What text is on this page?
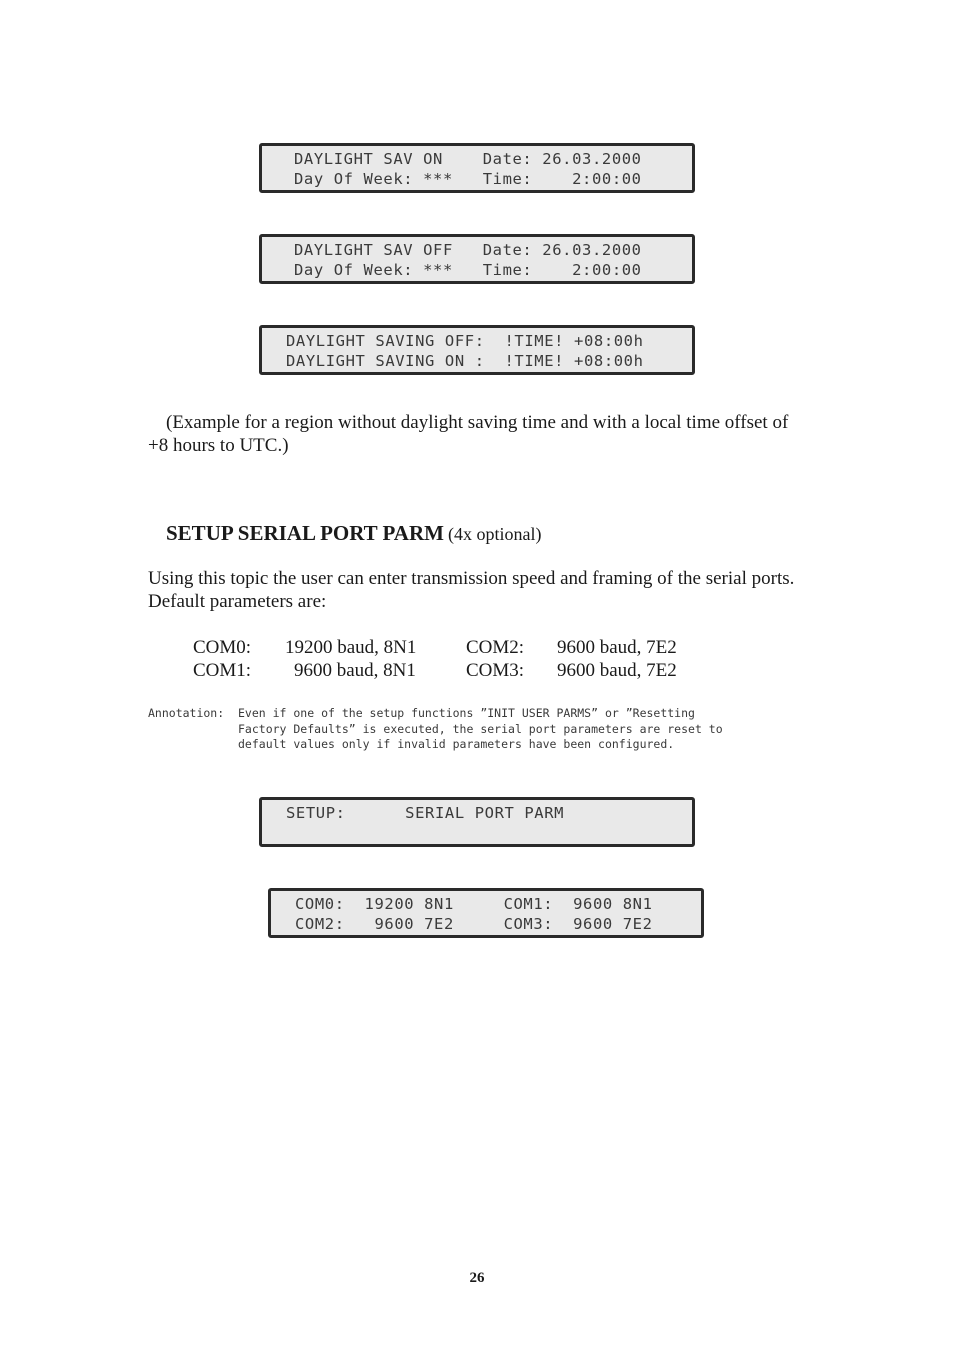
DAYLIGHT SAV ON    Date: 26.03.2000
Day Of Week: ***   Time:    2:00:00
DAYLIGHT SAV OFF   Date: 26.03.2000
Day Of Week: ***   Time:    2:00:00
DAYLIGHT SAVING OFF:  !TIME! +08:00h
DAYLIGHT SAVING ON :  !TIME! +08:00h
(Example for a region without daylight saving time and with a local time offset of
+8 hours to UTC.)
SETUP SERIAL PORT PARM (4x optional)
Using this topic the user can enter transmission speed and framing of the serial ports.
Default parameters are:
COM0: 19200 baud, 8N1
COM1: 9600 baud, 8N1
COM2: 9600 baud, 7E2
COM3: 9600 baud, 7E2
Annotation: Even if one of the setup functions ”INIT USER PARMS” or ”Resetting
Factory Defaults” is executed, the serial port parameters are reset to
default values only if invalid parameters have been configured.
SETUP:      SERIAL PORT PARM
COM0:  19200 8N1     COM1:  9600 8N1
COM2:   9600 7E2     COM3:  9600 7E2
26
